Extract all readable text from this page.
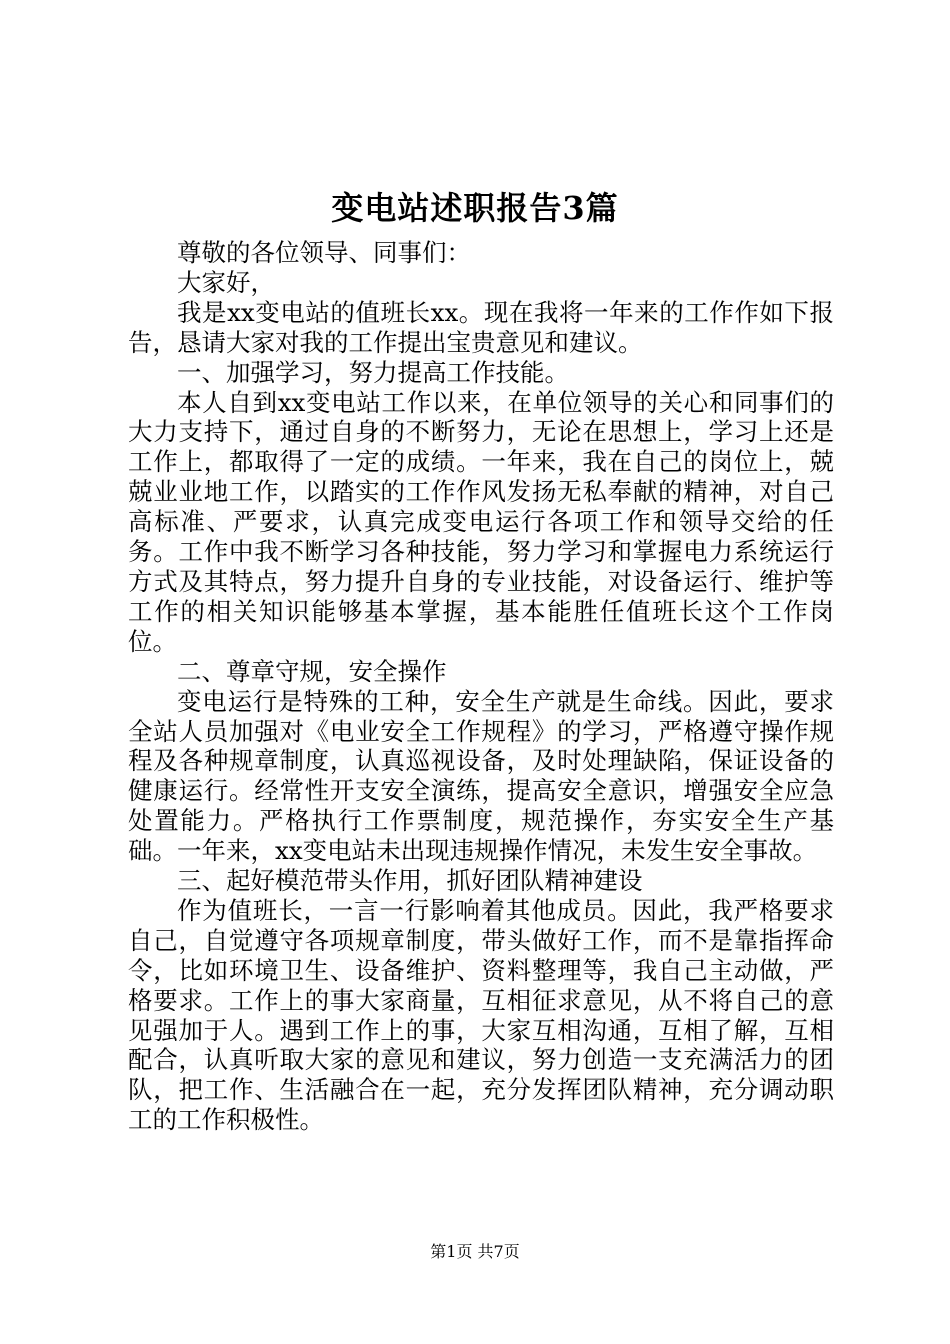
变电站述职报告3篇

尊敬的各位领导、同事们：

大家好，

我是xx变电站的值班长xx。现在我将一年来的工作作如下报告，恳请大家对我的工作提出宝贵意见和建议。

一、加强学习，努力提高工作技能。

本人自到xx变电站工作以来，在单位领导的关心和同事们的大力支持下，通过自身的不断努力，无论在思想上，学习上还是工作上，都取得了一定的成绩。一年来，我在自己的岗位上，兢兢业业地工作，以踏实的工作作风发扬无私奉献的精神，对自己高标准、严要求，认真完成变电运行各项工作和领导交给的任务。工作中我不断学习各种技能，努力学习和掌握电力系统运行方式及其特点，努力提升自身的专业技能，对设备运行、维护等工作的相关知识能够基本掌握，基本能胜任值班长这个工作岗位。

二、尊章守规，安全操作

变电运行是特殊的工种，安全生产就是生命线。因此，要求全站人员加强对《电业安全工作规程》的学习，严格遵守操作规程及各种规章制度，认真巡视设备，及时处理缺陷，保证设备的健康运行。经常性开支安全演练，提高安全意识，增强安全应急处置能力。严格执行工作票制度，规范操作，夯实安全生产基础。一年来，xx变电站未出现违规操作情况，未发生安全事故。

三、起好模范带头作用，抓好团队精神建设

作为值班长，一言一行影响着其他成员。因此，我严格要求自己，自觉遵守各项规章制度，带头做好工作，而不是靠指挥命令，比如环境卫生、设备维护、资料整理等，我自己主动做，严格要求。工作上的事大家商量，互相征求意见，从不将自己的意见强加于人。遇到工作上的事，大家互相沟通，互相了解，互相配合，认真听取大家的意见和建议，努力创造一支充满活力的团队，把工作、生活融合在一起，充分发挥团队精神，充分调动职工的工作积极性。

第1页 共7页
